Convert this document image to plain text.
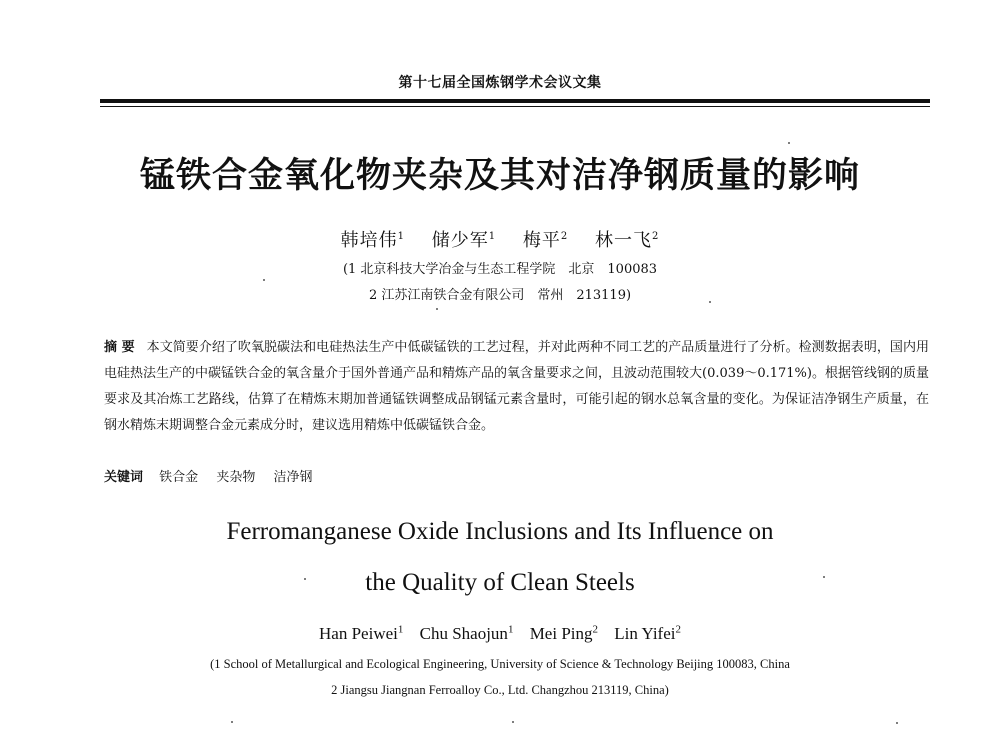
第十七届全国炼钢学术会议文集
锰铁合金氧化物夹杂及其对洁净钢质量的影响
韩培伟$^1$ 储少军$^1$ 梅平$^2$ 林一飞$^2$
(1 北京科技大学冶金与生态工程学院　北京　100083
2 江苏江南铁合金有限公司　常州　213119)
摘 要 本文简要介绍了吹氧脱碳法和电硅热法生产中低碳锰铁的工艺过程，并对此两种不同工艺的产品质量进行了分析。检测数据表明，国内用电硅热法生产的中碳锰铁合金的氧含量介于国外普通产品和精炼产品的氧含量要求之间，且波动范围较大(0.039～0.171%)。根据管线钢的质量要求及其冶炼工艺路线，估算了在精炼末期加普通锰铁调整成品钢锰元素含量时，可能引起的钢水总氧含量的变化。为保证洁净钢生产质量，在钢水精炼末期调整合金元素成分时，建议选用精炼中低碳锰铁合金。
关键词 铁合金 夹杂物 洁净钢
Ferromanganese Oxide Inclusions and Its Influence on
the Quality of Clean Steels
Han Peiwei$^1$ Chu Shaojun$^1$ Mei Ping$^2$ Lin Yifei$^2$
(1 School of Metallurgical and Ecological Engineering, University of Science & Technology Beijing 100083, China
2 Jiangsu Jiangnan Ferroalloy Co., Ltd. Changzhou 213119, China)
